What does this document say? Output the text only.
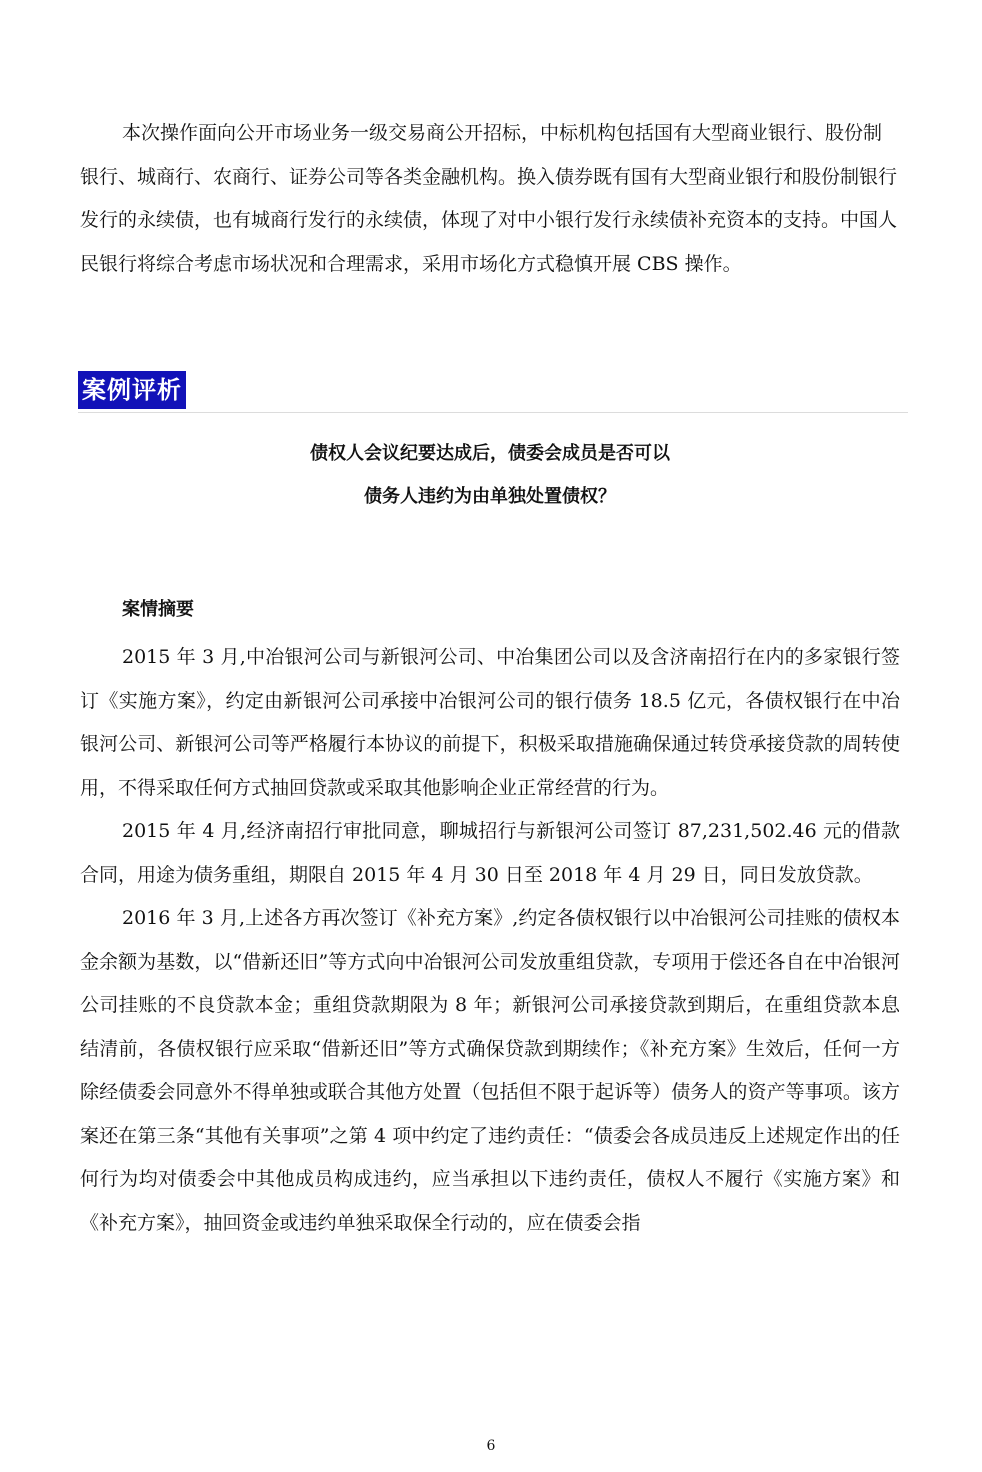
本次操作面向公开市场业务一级交易商公开招标，中标机构包括国有大型商业银行、股份制银行、城商行、农商行、证券公司等各类金融机构。换入债券既有国有大型商业银行和股份制银行发行的永续债，也有城商行发行的永续债，体现了对中小银行发行永续债补充资本的支持。中国人民银行将综合考虑市场状况和合理需求，采用市场化方式稳慎开展 CBS 操作。

案例评析
债权人会议纪要达成后，债委会成员是否可以
债务人违约为由单独处置债权？
案情摘要

2015 年 3 月,中冶银河公司与新银河公司、中冶集团公司以及含济南招行在内的多家银行签订《实施方案》，约定由新银河公司承接中冶银河公司的银行债务 18.5 亿元，各债权银行在中冶银河公司、新银河公司等严格履行本协议的前提下，积极采取措施确保通过转贷承接贷款的周转使用，不得采取任何方式抽回贷款或采取其他影响企业正常经营的行为。

2015 年 4 月,经济南招行审批同意，聊城招行与新银河公司签订 87,231,502.46 元的借款合同，用途为债务重组，期限自 2015 年 4 月 30 日至 2018 年 4 月 29 日，同日发放贷款。

2016 年 3 月,上述各方再次签订《补充方案》,约定各债权银行以中冶银河公司挂账的债权本金余额为基数，以“借新还旧”等方式向中冶银河公司发放重组贷款，专项用于偿还各自在中冶银河公司挂账的不良贷款本金；重组贷款期限为 8 年；新银河公司承接贷款到期后，在重组贷款本息结清前，各债权银行应采取“借新还旧”等方式确保贷款到期续作；《补充方案》生效后，任何一方除经债委会同意外不得单独或联合其他方处置（包括但不限于起诉等）债务人的资产等事项。该方案还在第三条“其他有关事项”之第 4 项中约定了违约责任：“债委会各成员违反上述规定作出的任何行为均对债委会中其他成员构成违约，应当承担以下违约责任，债权人不履行《实施方案》和《补充方案》，抽回资金或违约单独采取保全行动的，应在债委会指

6
